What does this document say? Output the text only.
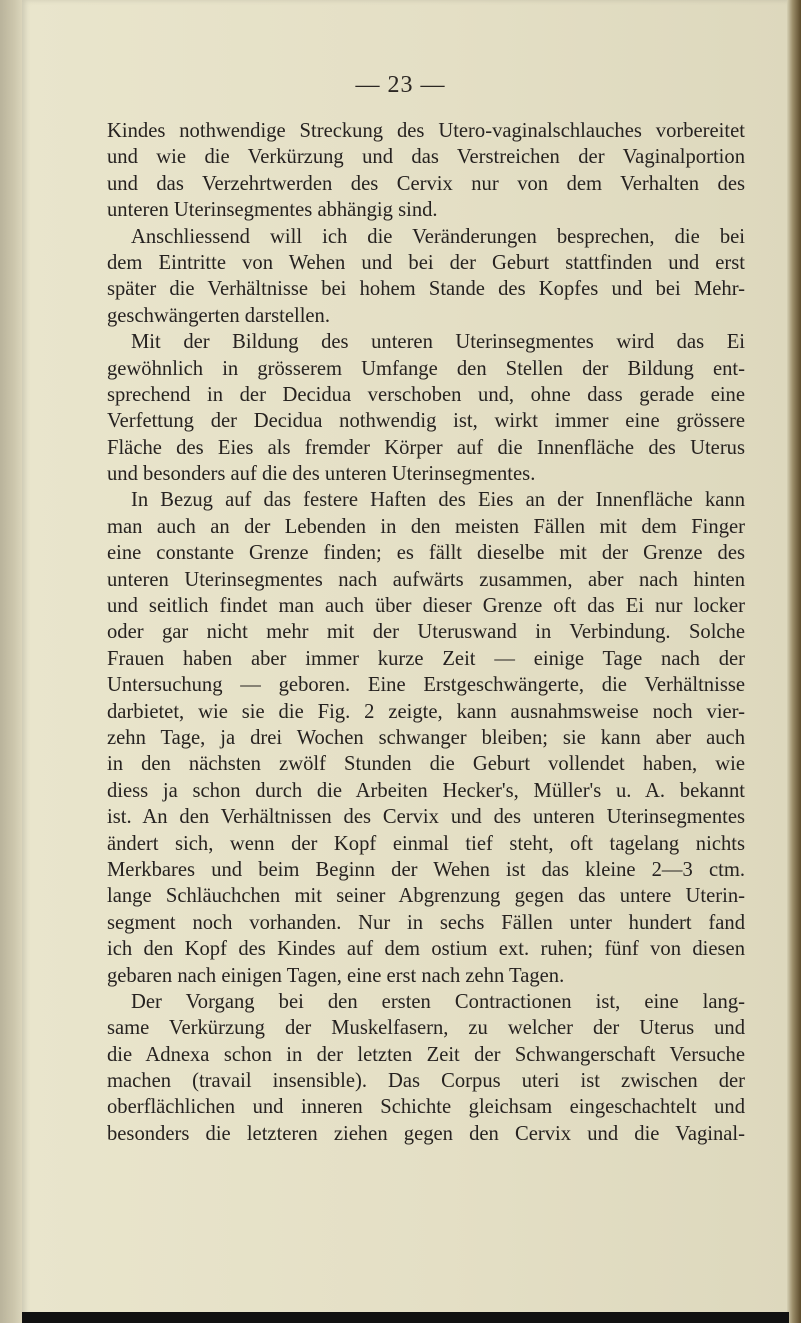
— 23 —
Kindes nothwendige Streckung des Utero-vaginalschlauches vorbereitet
und wie die Verkürzung und das Verstreichen der Vaginalportion
und das Verzehrtwerden des Cervix nur von dem Verhalten des
unteren Uterinsegmentes abhängig sind.
Anschliessend will ich die Veränderungen besprechen, die bei
dem Eintritte von Wehen und bei der Geburt stattfinden und erst
später die Verhältnisse bei hohem Stande des Kopfes und bei Mehr-
geschwängerten darstellen.
Mit der Bildung des unteren Uterinsegmentes wird das Ei
gewöhnlich in grösserem Umfange den Stellen der Bildung ent-
sprechend in der Decidua verschoben und, ohne dass gerade eine
Verfettung der Decidua nothwendig ist, wirkt immer eine grössere
Fläche des Eies als fremder Körper auf die Innenfläche des Uterus
und besonders auf die des unteren Uterinsegmentes.
In Bezug auf das festere Haften des Eies an der Innenfläche kann
man auch an der Lebenden in den meisten Fällen mit dem Finger
eine constante Grenze finden; es fällt dieselbe mit der Grenze des
unteren Uterinsegmentes nach aufwärts zusammen, aber nach hinten
und seitlich findet man auch über dieser Grenze oft das Ei nur locker
oder gar nicht mehr mit der Uteruswand in Verbindung. Solche
Frauen haben aber immer kurze Zeit — einige Tage nach der
Untersuchung — geboren. Eine Erstgeschwängerte, die Verhältnisse
darbietet, wie sie die Fig. 2 zeigte, kann ausnahmsweise noch vier-
zehn Tage, ja drei Wochen schwanger bleiben; sie kann aber auch
in den nächsten zwölf Stunden die Geburt vollendet haben, wie
diess ja schon durch die Arbeiten Hecker's, Müller's u. A. bekannt
ist. An den Verhältnissen des Cervix und des unteren Uterinsegmentes
ändert sich, wenn der Kopf einmal tief steht, oft tagelang nichts
Merkbares und beim Beginn der Wehen ist das kleine 2—3 ctm.
lange Schläuchchen mit seiner Abgrenzung gegen das untere Uterin-
segment noch vorhanden. Nur in sechs Fällen unter hundert fand
ich den Kopf des Kindes auf dem ostium ext. ruhen; fünf von diesen
gebaren nach einigen Tagen, eine erst nach zehn Tagen.
Der Vorgang bei den ersten Contractionen ist, eine lang-
same Verkürzung der Muskelfasern, zu welcher der Uterus und
die Adnexa schon in der letzten Zeit der Schwangerschaft Versuche
machen (travail insensible). Das Corpus uteri ist zwischen der
oberflächlichen und inneren Schichte gleichsam eingeschachtelt und
besonders die letzteren ziehen gegen den Cervix und die Vaginal-
